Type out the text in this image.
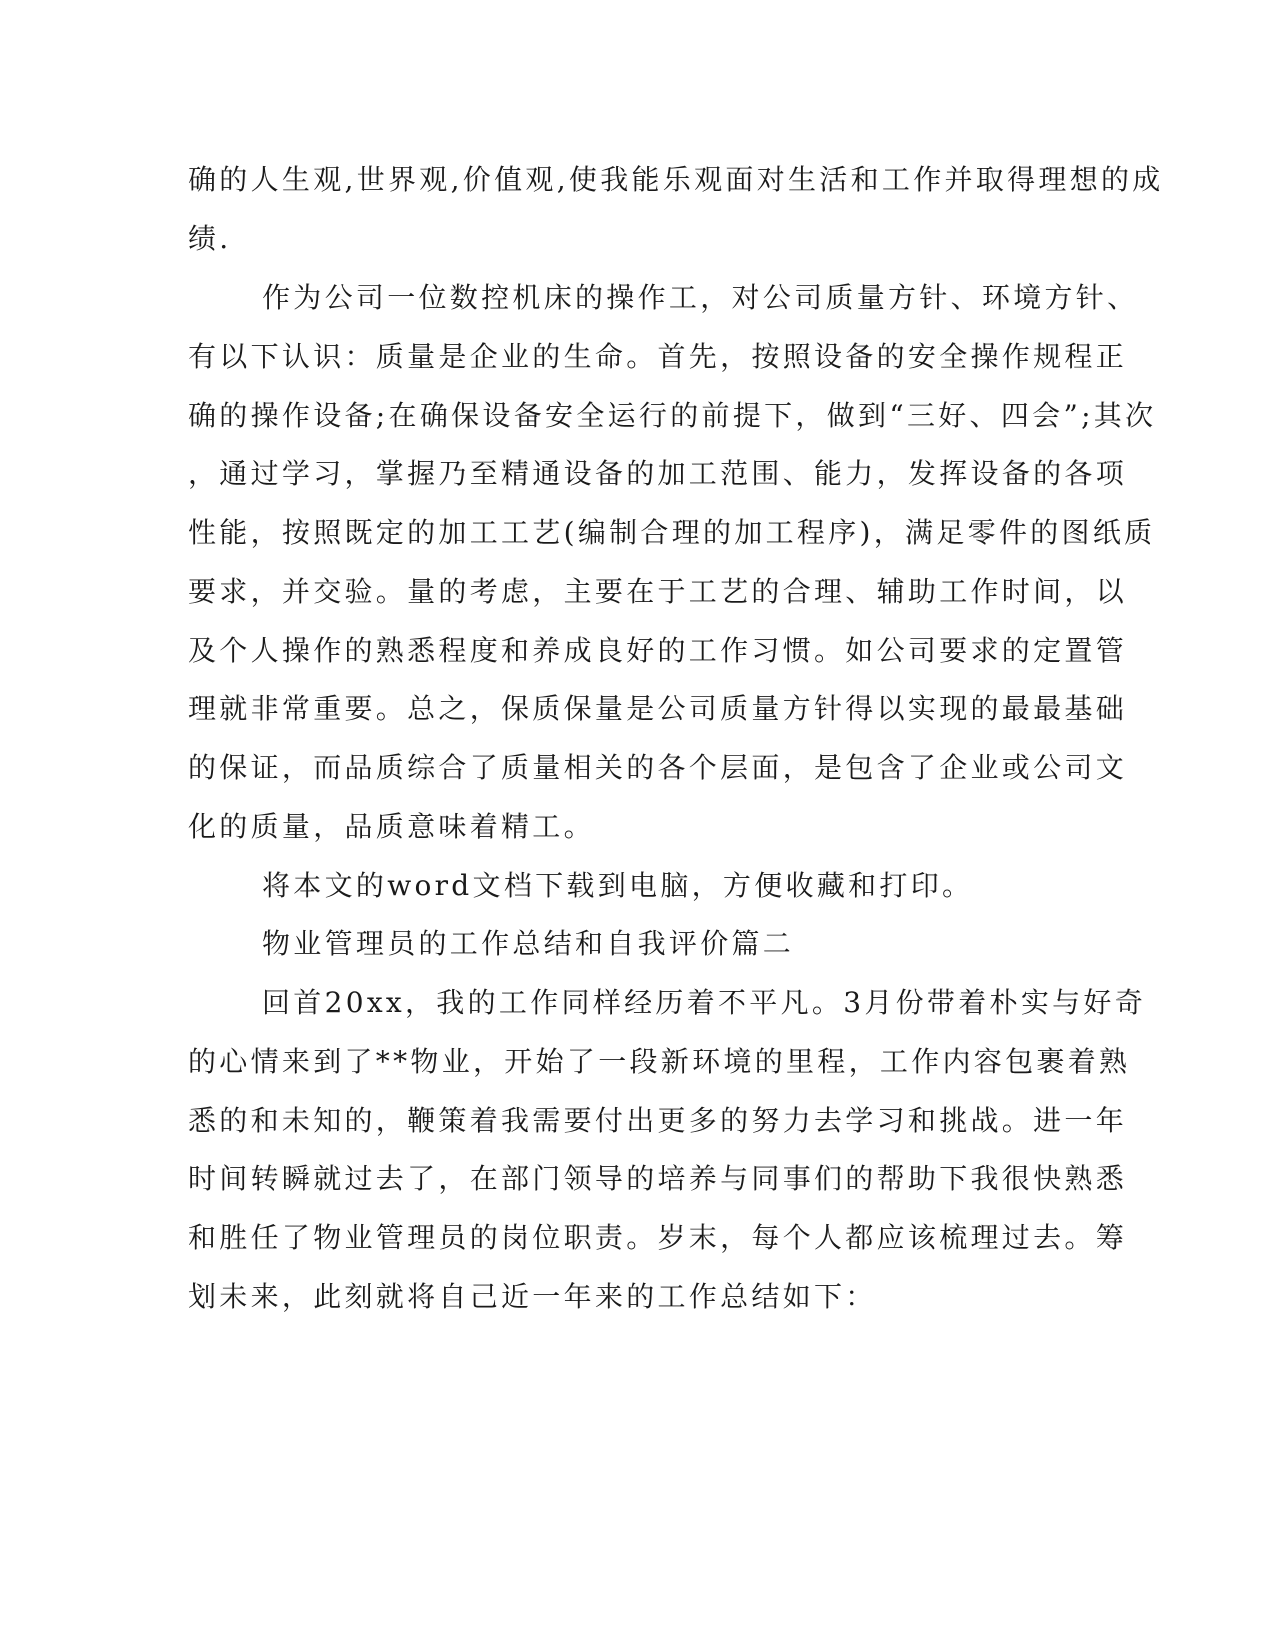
确的人生观,世界观,价值观,使我能乐观面对生活和工作并取得理想的成
绩.
作为公司一位数控机床的操作工，对公司质量方针、环境方针、
有以下认识：质量是企业的生命。首先，按照设备的安全操作规程正
确的操作设备;在确保设备安全运行的前提下，做到“三好、四会”;其次
，通过学习，掌握乃至精通设备的加工范围、能力，发挥设备的各项
性能，按照既定的加工工艺(编制合理的加工程序)，满足零件的图纸质
要求，并交验。量的考虑，主要在于工艺的合理、辅助工作时间，以
及个人操作的熟悉程度和养成良好的工作习惯。如公司要求的定置管
理就非常重要。总之，保质保量是公司质量方针得以实现的最最基础
的保证，而品质综合了质量相关的各个层面，是包含了企业或公司文
化的质量，品质意味着精工。
将本文的word文档下载到电脑，方便收藏和打印。
物业管理员的工作总结和自我评价篇二
回首20xx，我的工作同样经历着不平凡。3月份带着朴实与好奇
的心情来到了**物业，开始了一段新环境的里程，工作内容包裹着熟
悉的和未知的，鞭策着我需要付出更多的努力去学习和挑战。进一年
时间转瞬就过去了，在部门领导的培养与同事们的帮助下我很快熟悉
和胜任了物业管理员的岗位职责。岁末，每个人都应该梳理过去。筹
划未来，此刻就将自己近一年来的工作总结如下：
